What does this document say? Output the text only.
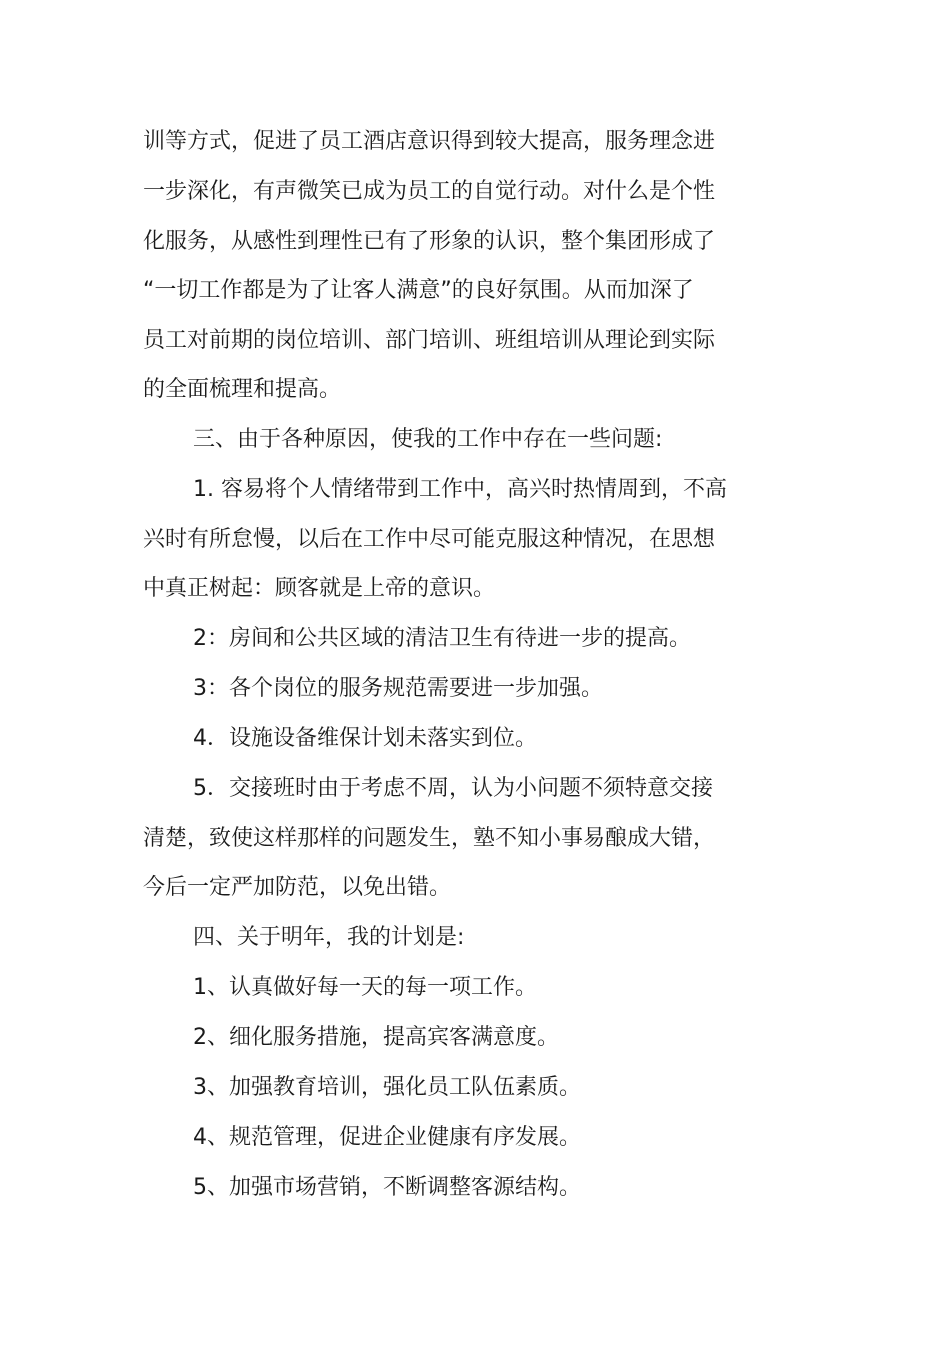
训等方式，促进了员工酒店意识得到较大提高，服务理念进
一步深化，有声微笑已成为员工的自觉行动。对什么是个性
化服务，从感性到理性已有了形象的认识，整个集团形成了
“一切工作都是为了让客人满意”的良好氛围。从而加深了
员工对前期的岗位培训、部门培训、班组培训从理论到实际
的全面梳理和提高。
三、由于各种原因，使我的工作中存在一些问题:
1. 容易将个人情绪带到工作中，高兴时热情周到，不高
兴时有所怠慢，以后在工作中尽可能克服这种情况，在思想
中真正树起：顾客就是上帝的意识。
2：房间和公共区域的清洁卫生有待进一步的提高。
3：各个岗位的服务规范需要进一步加强。
4．设施设备维保计划未落实到位。
5．交接班时由于考虑不周，认为小问题不须特意交接
清楚，致使这样那样的问题发生，塾不知小事易酿成大错，
今后一定严加防范，以免出错。
四、关于明年，我的计划是:
1、认真做好每一天的每一项工作。
2、细化服务措施，提高宾客满意度。
3、加强教育培训，强化员工队伍素质。
4、规范管理，促进企业健康有序发展。
5、加强市场营销，不断调整客源结构。
